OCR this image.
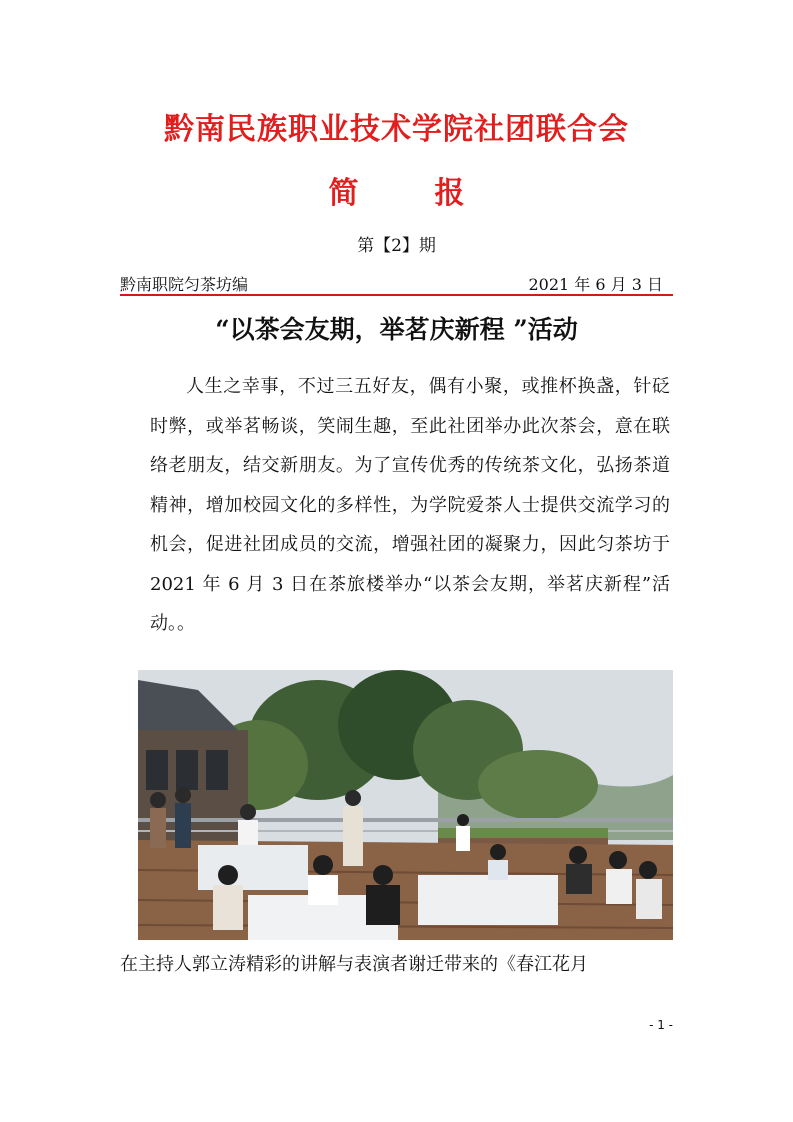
黔南民族职业技术学院社团联合会
简	报

第【2】期

黔南职院匀茶坊编	2021 年 6 月 3 日
“以茶会友期，举茗庆新程 ”活动

人生之幸事，不过三五好友，偶有小聚，或推杯换盏，针砭时弊，或举茗畅谈，笑闹生趣，至此社团举办此次茶会，意在联络老朋友，结交新朋友。为了宣传优秀的传统茶文化，弘扬茶道精神，增加校园文化的多样性，为学院爱茶人士提供交流学习的机会，促进社团成员的交流，增强社团的凝聚力，因此匀茶坊于 2021 年 6 月 3 日在茶旅楼举办“以茶会友期，举茗庆新程”活动。。

在主持人郭立涛精彩的讲解与表演者谢迁带来的《春江花月

- 1 -
